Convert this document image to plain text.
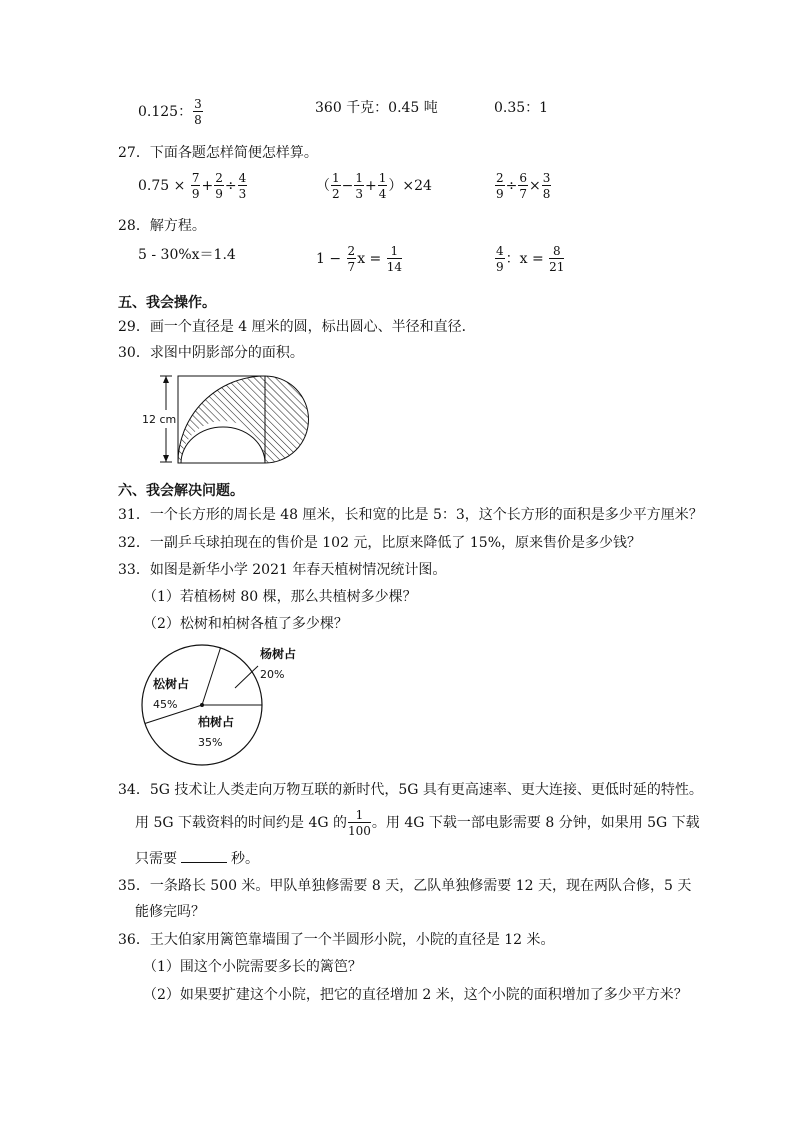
0.125： $\frac{3}{8}$	360 千克：0.45 吨	0.35：1
27．下面各题怎样简便怎样算。
$0.75 \times \frac{7}{9} + \frac{2}{9} \div \frac{4}{3}$	（ $\frac{1}{2} - \frac{1}{3} + \frac{1}{4} )\times 24$	$\frac{2}{9} \div \frac{6}{7} \times \frac{3}{8}$
28．解方程。
5 - 30%x＝1.4	$1 - \frac{2}{7}$ $x = \frac{1}{14}$	$\frac{4}{9}$ ：$x = \frac{8}{21}$
五、我会操作。
29．画一个直径是 4 厘米的圆，标出圆心、半径和直径．
30．求图中阴影部分的面积。
12 cm
六、我会解决问题。
31．一个长方形的周长是 48 厘米，长和宽的比是 5：3，这个长方形的面积是多少平方厘米？
32．一副乒乓球拍现在的售价是 102 元，比原来降低了 15%，原来售价是多少钱？
33．如图是新华小学 2021 年春天植树情况统计图。
（1）若植杨树 80 棵，那么共植树多少棵？
（2）松树和柏树各植了多少棵？
杨树占
20%
柏树占
35%
松树占
45%
34．5G 技术让人类走向万物互联的新时代，5G 具有更高速率、更大连接、更低时延的特性。
用 5G 下载资料的时间约是 4G 的 $\frac{1}{100}$ 。用 4G 下载一部电影需要 8 分钟，如果用 5G 下载
只需要	秒。
35．一条路长 500 米。甲队单独修需要 8 天，乙队单独修需要 12 天，现在两队合修，5 天
能修完吗？
36．王大伯家用篱笆靠墙围了一个半圆形小院，小院的直径是 12 米。
（1）围这个小院需要多长的篱笆？
（2）如果要扩建这个小院，把它的直径增加 2 米，这个小院的面积增加了多少平方米？
